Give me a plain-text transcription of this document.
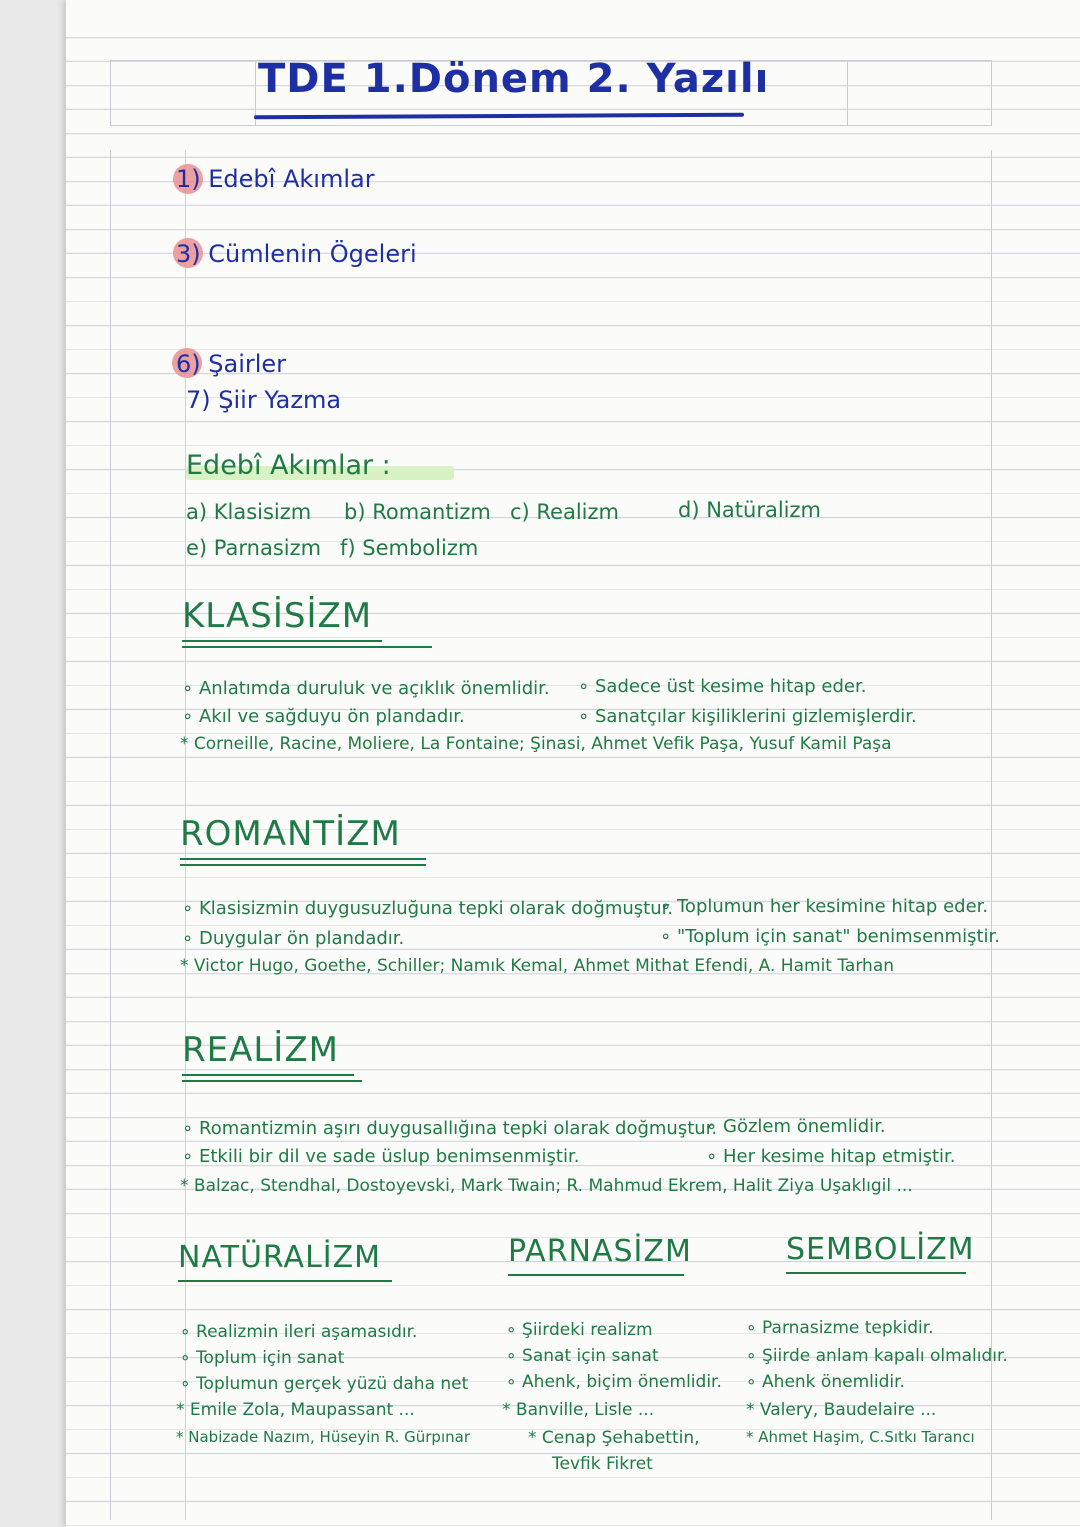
TDE 1.Dönem 2. Yazılı
1) Edebî Akımlar
3) Cümlenin Ögeleri
6) Şairler
7) Şiir Yazma
Edebî Akımlar :
a) Klasisizm b) Romantizm c) Realizm	d) Natüralizm
e) Parnasizm f) Sembolizm
KLASİSİZM
∘ Anlatımda duruluk ve açıklık önemlidir. ∘ Sadece üst kesime hitap eder.
∘ Akıl ve sağduyu ön plandadır.	∘ Sanatçılar kişiliklerini gizlemişlerdir.
* Corneille, Racine, Moliere, La Fontaine; Şinasi, Ahmet Vefik Paşa, Yusuf Kamil Paşa
ROMANTİZM
∘ Klasisizmin duygusuzluğuna tepki olarak doğmuştur.
∘ Toplumun her kesimine hitap eder.
∘ Duygular ön plandadır.	∘ "Toplum için sanat" benimsenmiştir.
* Victor Hugo, Goethe, Schiller; Namık Kemal, Ahmet Mithat Efendi, A. Hamit Tarhan
REALİZM
∘ Romantizmin aşırı duygusallığına tepki olarak doğmuştur.
∘ Gözlem önemlidir.
∘ Etkili bir dil ve sade üslup benimsenmiştir.	∘ Her kesime hitap etmiştir.
* Balzac, Stendhal, Dostoyevski, Mark Twain; R. Mahmud Ekrem, Halit Ziya Uşaklıgil ...
NATÜRALİZM	PARNASİZM	SEMBOLİZM
∘ Realizmin ileri aşamasıdır.
∘ Toplum için sanat
∘ Toplumun gerçek yüzü daha net
* Emile Zola, Maupassant ...
* Nabizade Nazım, Hüseyin R. Gürpınar
∘ Şiirdeki realizm
∘ Sanat için sanat
∘ Ahenk, biçim önemlidir.
* Banville, Lisle ...
* Cenap Şehabettin,
Tevfik Fikret
∘ Parnasizme tepkidir.
∘ Şiirde anlam kapalı olmalıdır.
∘ Ahenk önemlidir.
* Valery, Baudelaire ...
* Ahmet Haşim, C.Sıtkı Tarancı
